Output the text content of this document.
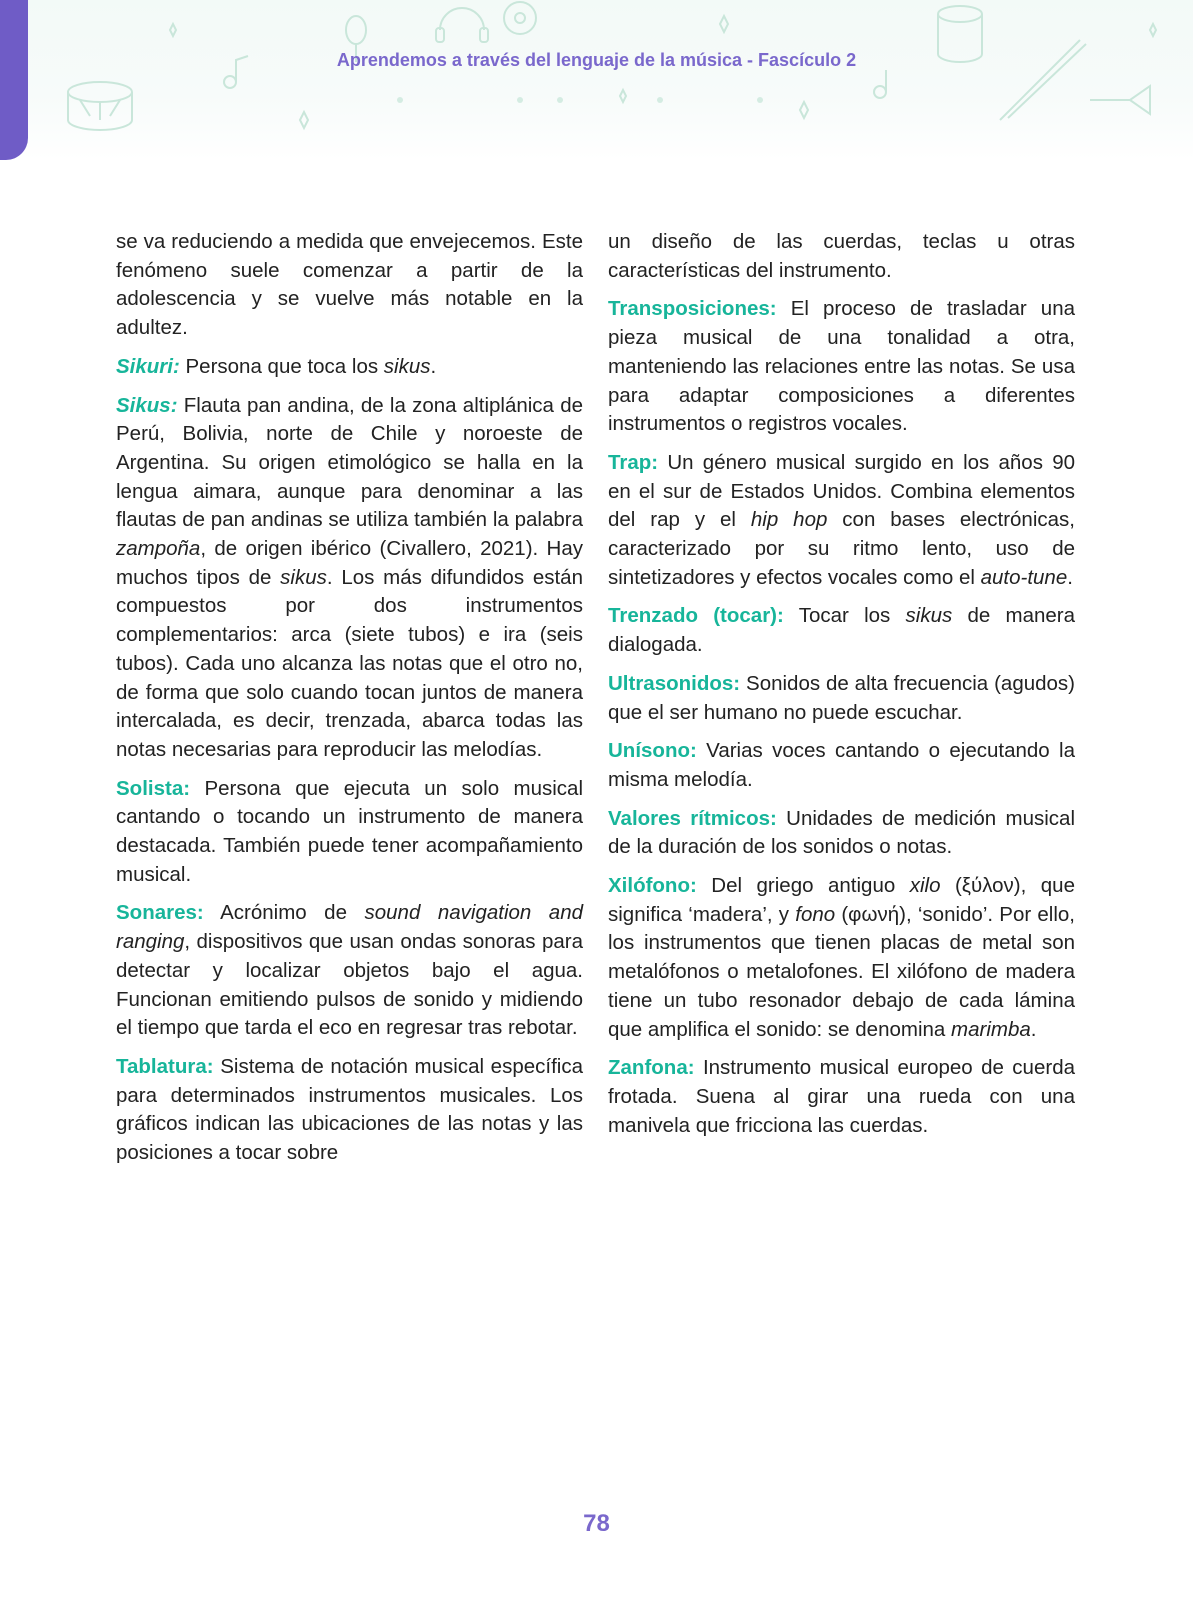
Aprendemos a través del lenguaje de la música - Fascículo 2

se va reduciendo a medida que envejecemos. Este fenómeno suele comenzar a partir de la adolescencia y se vuelve más notable en la adultez.

Sikuri: Persona que toca los sikus.

Sikus: Flauta pan andina, de la zona altiplánica de Perú, Bolivia, norte de Chile y noroeste de Argentina. Su origen etimológico se halla en la lengua aimara, aunque para denominar a las flautas de pan andinas se utiliza también la palabra zampoña, de origen ibérico (Civallero, 2021). Hay muchos tipos de sikus. Los más difundidos están compuestos por dos instrumentos complementarios: arca (siete tubos) e ira (seis tubos). Cada uno alcanza las notas que el otro no, de forma que solo cuando tocan juntos de manera intercalada, es decir, trenzada, abarca todas las notas necesarias para reproducir las melodías.

Solista: Persona que ejecuta un solo musical cantando o tocando un instrumento de manera destacada. También puede tener acompañamiento musical.

Sonares: Acrónimo de sound navigation and ranging, dispositivos que usan ondas sonoras para detectar y localizar objetos bajo el agua. Funcionan emitiendo pulsos de sonido y midiendo el tiempo que tarda el eco en regresar tras rebotar.

Tablatura: Sistema de notación musical específica para determinados instrumentos musicales. Los gráficos indican las ubicaciones de las notas y las posiciones a tocar sobre

un diseño de las cuerdas, teclas u otras características del instrumento.

Transposiciones: El proceso de trasladar una pieza musical de una tonalidad a otra, manteniendo las relaciones entre las notas. Se usa para adaptar composiciones a diferentes instrumentos o registros vocales.

Trap: Un género musical surgido en los años 90 en el sur de Estados Unidos. Combina elementos del rap y el hip hop con bases electrónicas, caracterizado por su ritmo lento, uso de sintetizadores y efectos vocales como el auto-tune.

Trenzado (tocar): Tocar los sikus de manera dialogada.

Ultrasonidos: Sonidos de alta frecuencia (agudos) que el ser humano no puede escuchar.

Unísono: Varias voces cantando o ejecutando la misma melodía.

Valores rítmicos: Unidades de medición musical de la duración de los sonidos o notas.

Xilófono: Del griego antiguo xilo (ξύλον), que significa ‘madera’, y fono (φωνή), ‘sonido’. Por ello, los instrumentos que tienen placas de metal son metalófonos o metalofones. El xilófono de madera tiene un tubo resonador debajo de cada lámina que amplifica el sonido: se denomina marimba.

Zanfona: Instrumento musical europeo de cuerda frotada. Suena al girar una rueda con una manivela que fricciona las cuerdas.

78
